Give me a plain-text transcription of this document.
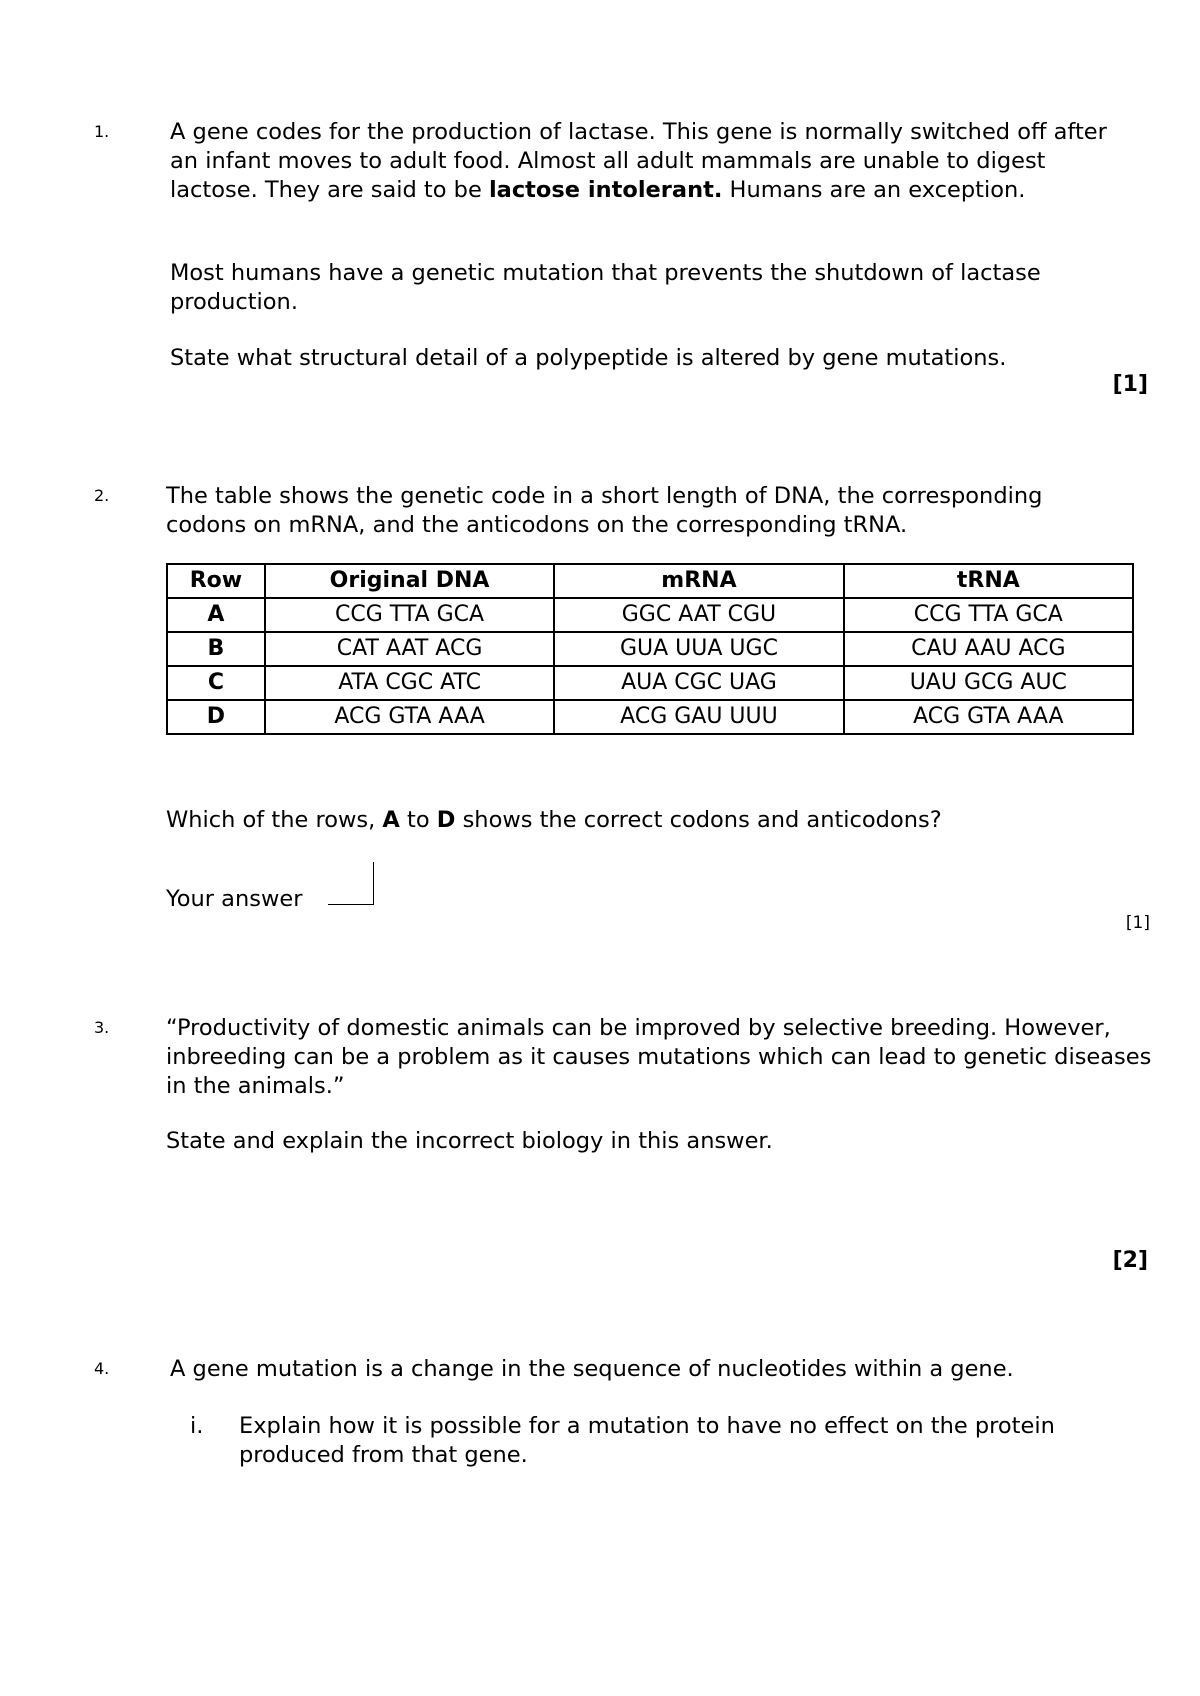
1.	A gene codes for the production of lactase. This gene is normally switched off after an infant moves to adult food. Almost all adult mammals are unable to digest lactose. They are said to be lactose intolerant. Humans are an exception.

Most humans have a genetic mutation that prevents the shutdown of lactase production.

State what structural detail of a polypeptide is altered by gene mutations.

[1]
2.	The table shows the genetic code in a short length of DNA, the corresponding codons on mRNA, and the anticodons on the corresponding tRNA.

Row	Original DNA	mRNA	tRNA
A	CCG TTA GCA	GGC AAT CGU	CCG TTA GCA
B	CAT AAT ACG	GUA UUA UGC	CAU AAU ACG
C	ATA CGC ATC	AUA CGC UAG	UAU GCG AUC
D	ACG GTA AAA	ACG GAU UUU	ACG GTA AAA

Which of the rows, A to D shows the correct codons and anticodons?

Your answer
[1]
3.	“Productivity of domestic animals can be improved by selective breeding. However, inbreeding can be a problem as it causes mutations which can lead to genetic diseases in the animals.”

State and explain the incorrect biology in this answer.

[2]
4.	A gene mutation is a change in the sequence of nucleotides within a gene.

i. Explain how it is possible for a mutation to have no effect on the protein produced from that gene.
